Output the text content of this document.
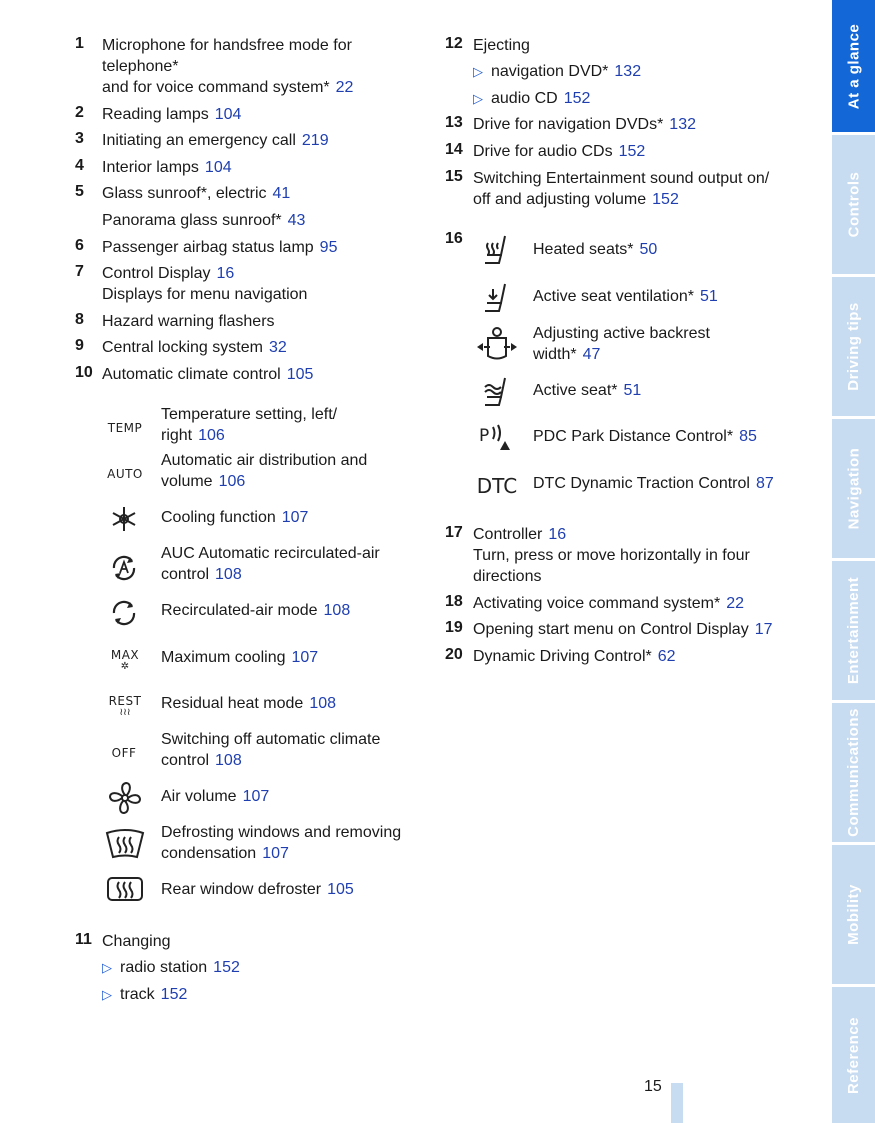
1 Microphone for handsfree mode for
telephone*
and for voice command system* 22
2 Reading lamps 104
3 Initiating an emergency call 219
4 Interior lamps 104
5 Glass sunroof*, electric 41
Panorama glass sunroof* 43
6 Passenger airbag status lamp 95
7 Control Display 16
Displays for menu navigation
8 Hazard warning flashers
9 Central locking system 32
10 Automatic climate control 105
TEMP
Temperature setting, left/
right 106
AUTO
Automatic air distribution and
volume 106
Cooling function 107
AUC Automatic recirculated-air
control 108
Recirculated-air mode 108
MAX
✲
Maximum cooling 107
REST
≀≀≀
Residual heat mode 108
OFF
Switching off automatic climate
control 108
Air volume 107
Defrosting windows and removing
condensation 107
Rear window defroster 105
11 Changing
▷ radio station 152
▷ track 152
12 Ejecting
▷ navigation DVD* 132
▷ audio CD 152
13 Drive for navigation DVDs* 132
14 Drive for audio CDs 152
15 Switching Entertainment sound output on/
off and adjusting volume 152
16
Heated seats* 50
Active seat ventilation* 51
Adjusting active backrest
width* 47
Active seat* 51
P	PDC Park Distance Control* 85
DTC DTC Dynamic Traction Control 87
17 Controller 16
Turn, press or move horizontally in four
directions
18 Activating voice command system* 22
19 Opening start menu on Control Display 17
20 Dynamic Driving Control* 62
At a glance
Controls
Driving tips
Navigation
Entertainment
Communications
Mobility
Reference
15
